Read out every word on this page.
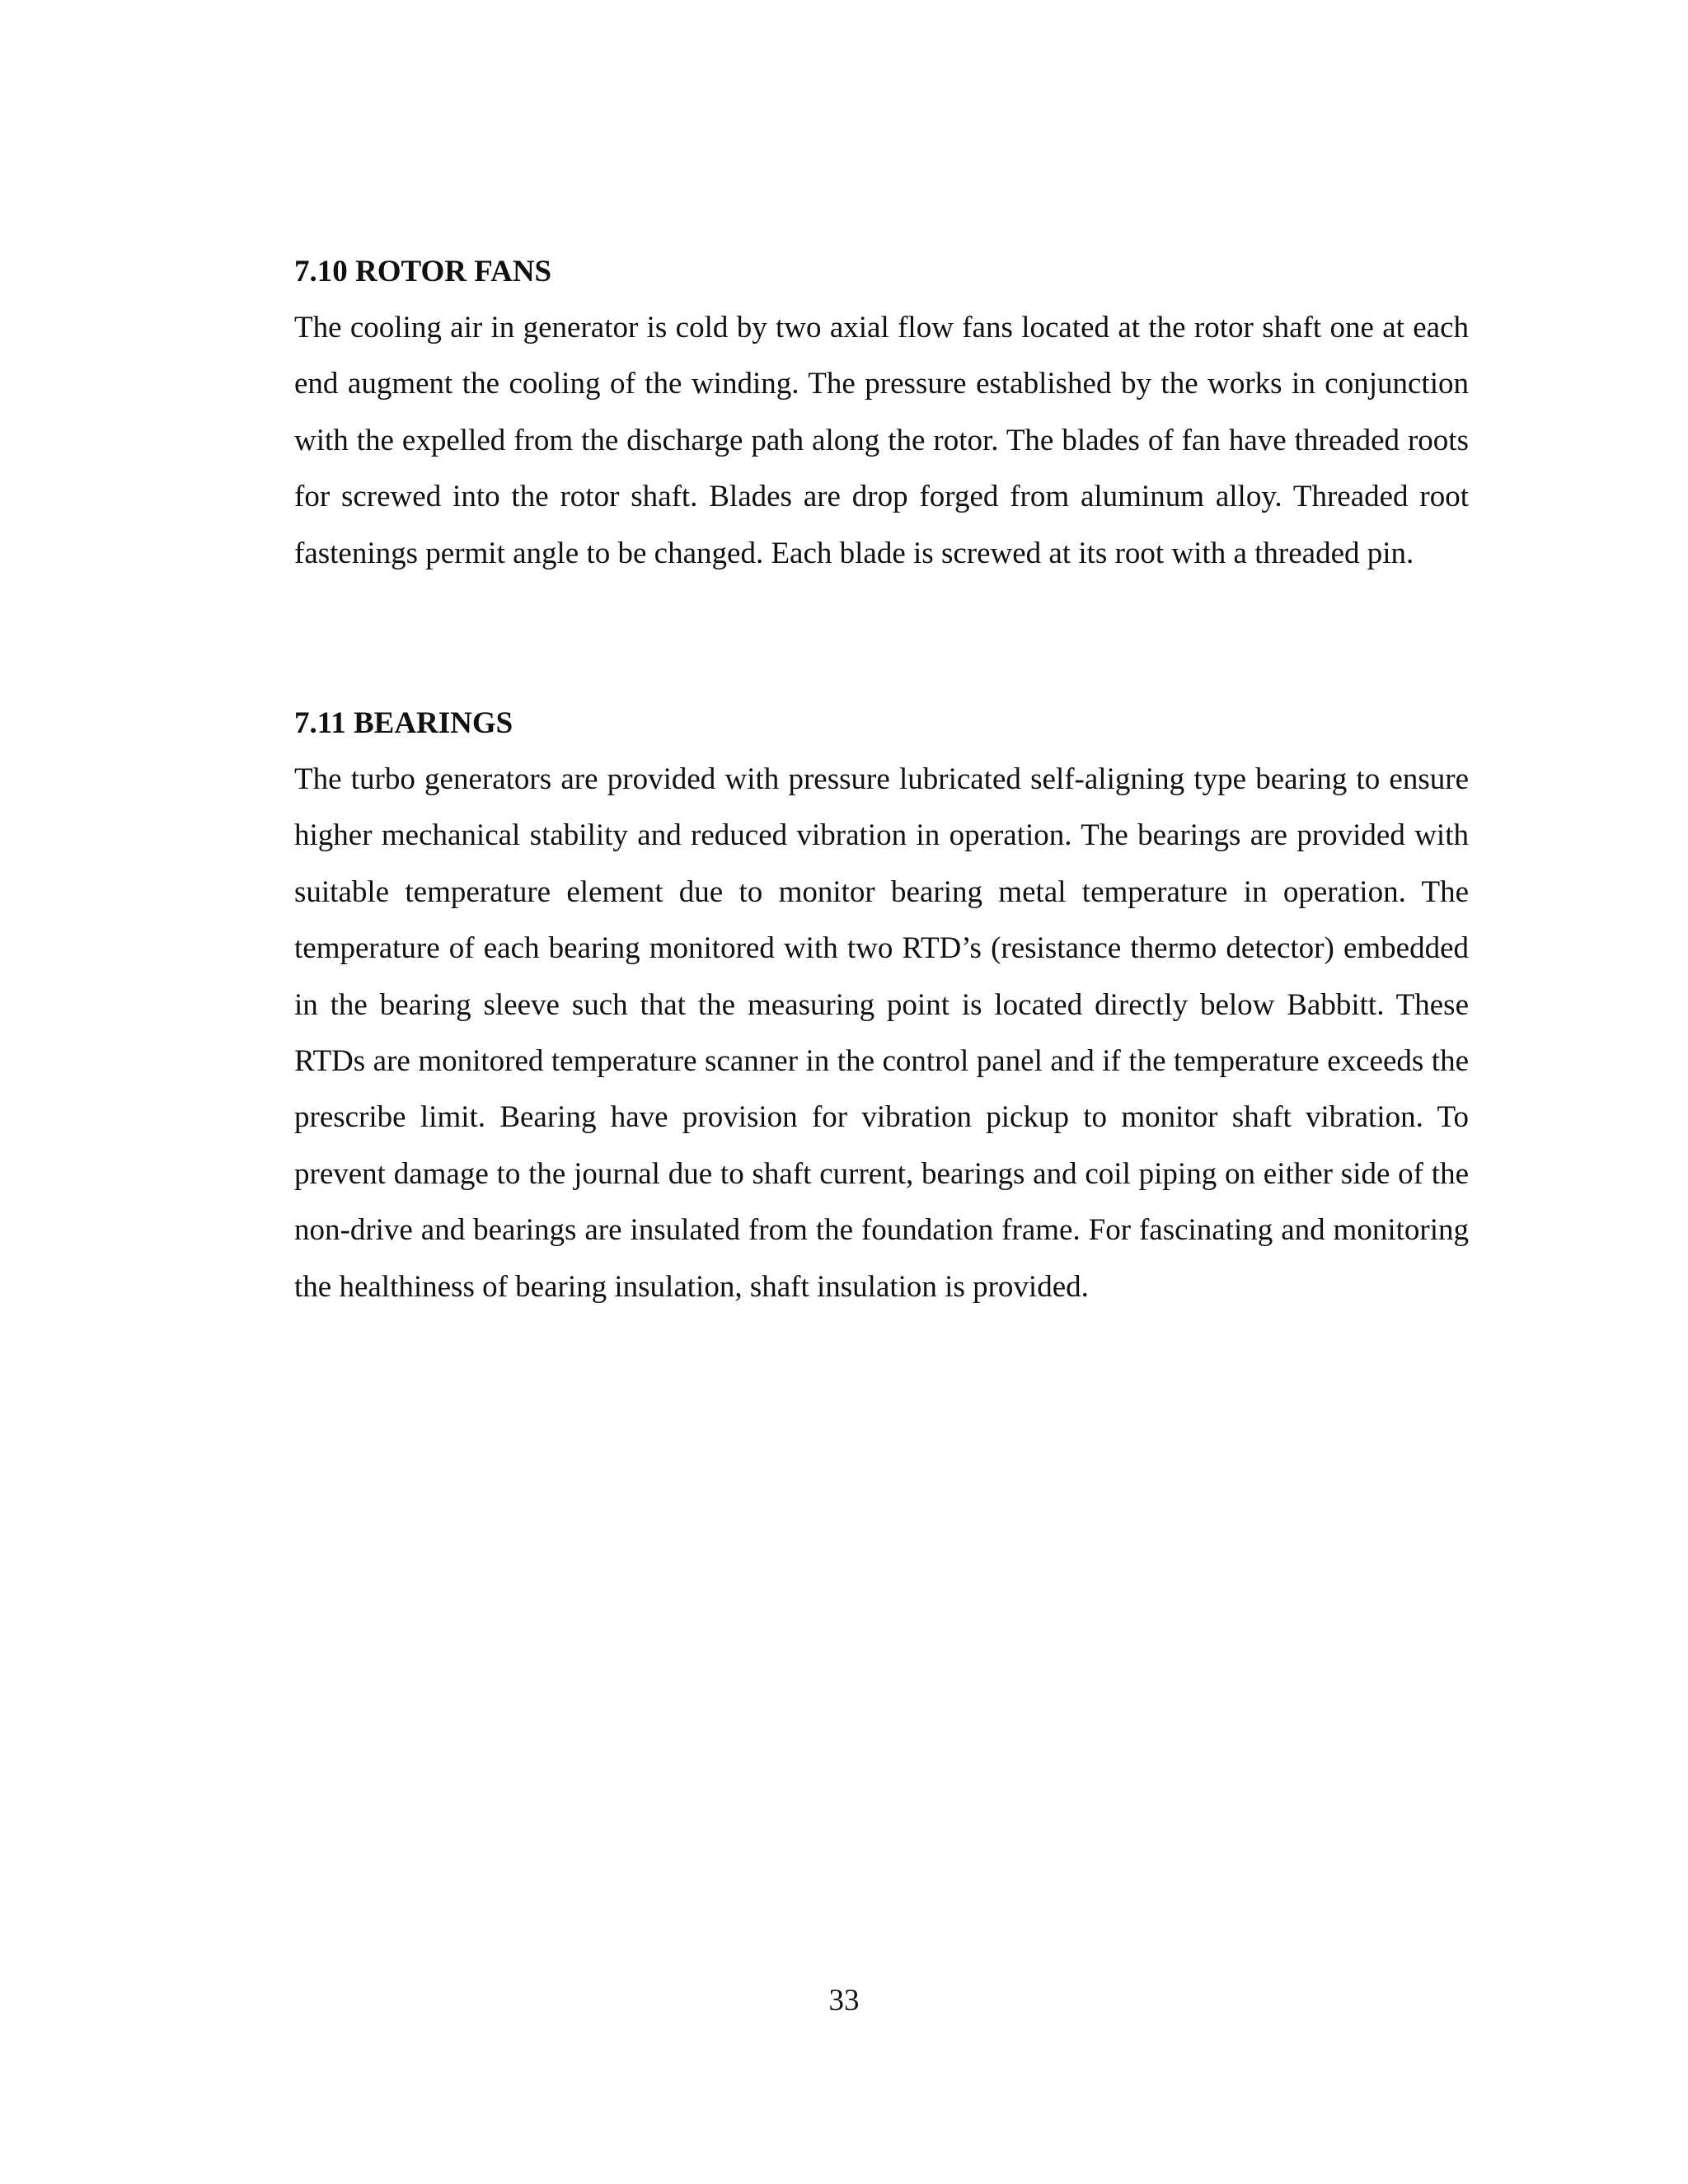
7.10 ROTOR FANS

The cooling air in generator is cold by two axial flow fans located at the rotor shaft one at each end augment the cooling of the winding. The pressure established by the works in conjunction with the expelled from the discharge path along the rotor. The blades of fan have threaded roots for screwed into the rotor shaft. Blades are drop forged from aluminum alloy. Threaded root fastenings permit angle to be changed. Each blade is screwed at its root with a threaded pin.

7.11 BEARINGS

The turbo generators are provided with pressure lubricated self-aligning type bearing to ensure higher mechanical stability and reduced vibration in operation. The bearings are provided with suitable temperature element due to monitor bearing metal temperature in operation. The temperature of each bearing monitored with two RTD’s (resistance thermo detector) embedded in the bearing sleeve such that the measuring point is located directly below Babbitt. These RTDs are monitored temperature scanner in the control panel and if the temperature exceeds the prescribe limit. Bearing have provision for vibration pickup to monitor shaft vibration. To prevent damage to the journal due to shaft current, bearings and coil piping on either side of the non-drive and bearings are insulated from the foundation frame. For fascinating and monitoring the healthiness of bearing insulation, shaft insulation is provided.

33
